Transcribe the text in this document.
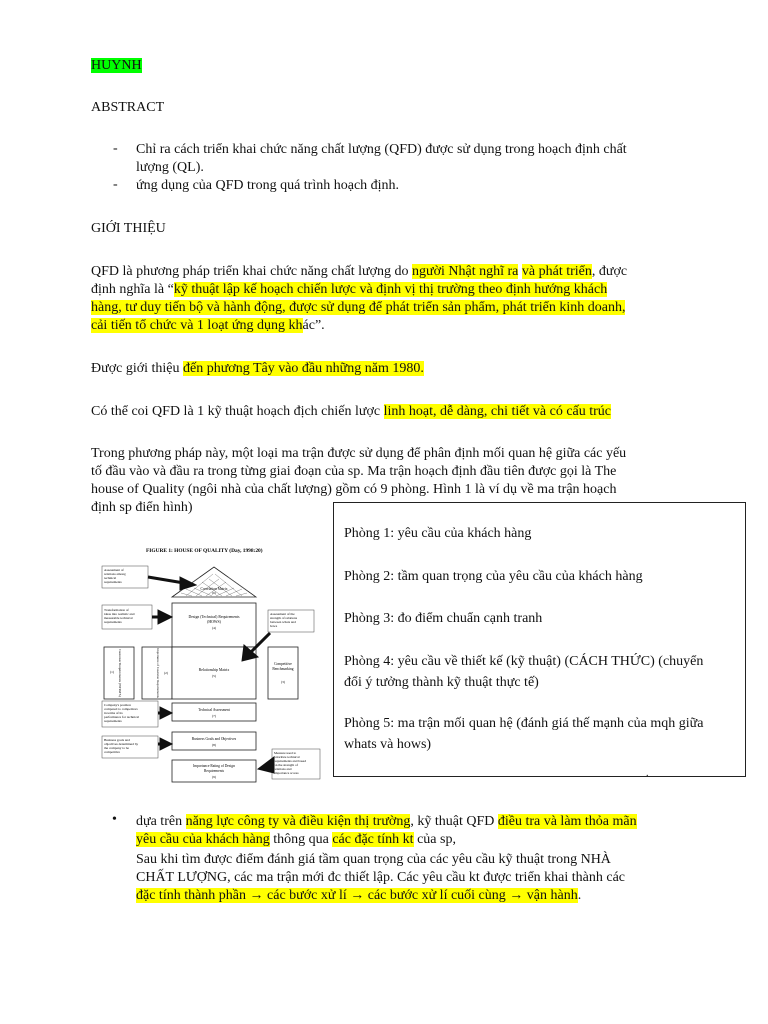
HUYNH
ABSTRACT
- Chỉ ra cách triển khai chức năng chất lượng (QFD) được sử dụng trong hoạch định chất
lượng (QL).
- ứng dụng của QFD trong quá trình hoạch định.
GIỚI THIỆU
QFD là phương pháp triển khai chức năng chất lượng do người Nhật nghĩ ra và phát triển, được
định nghĩa là “kỹ thuật lập kế hoạch chiến lược và định vị thị trường theo định hướng khách
hàng, tư duy tiến bộ và hành động, được sử dụng để phát triển sản phẩm, phát triển kinh doanh,
cải tiến tổ chức và 1 loạt ứng dụng khác”.
Được giới thiệu đến phương Tây vào đầu những năm 1980.
Có thể coi QFD là 1 kỹ thuật hoạch địch chiến lược linh hoạt, dễ dàng, chi tiết và có cấu trúc
Trong phương pháp này, một loại ma trận được sử dụng để phân định mối quan hệ giữa các yếu
tố đầu vào và đầu ra trong từng giai đoạn của sp. Ma trận hoạch định đầu tiên được gọi là The
house of Quality (ngôi nhà của chất lượng) gồm có 9 phòng. Hình 1 là ví dụ về ma trận hoạch
định sp điển hình)
Phòng 1: yêu cầu của khách hàng
Phòng 2: tầm quan trọng của yêu cầu của khách hàng
Phòng 3: đo điểm chuẩn cạnh tranh
Phòng 4: yêu cầu về thiết kế (kỹ thuật) (CÁCH THỨC) (chuyển
đổi ý tưởng thành kỹ thuật thực tế)
Phòng 5: ma trận mối quan hệ (đánh giá thế mạnh của mqh giữa
whats và hows)
.
FIGURE 1: HOUSE OF QUALITY (Day, 1998:20)
Correlation Matrix
(6)
Design (Technical) Requirements
(HOWS)
(4)
Customer Requirements (WHATS)
(1)	Importance of Customer Requirements (2)
Relationship Matrix
(5)
Competitive
Benchmarking
(3)
Technical Assessment
(7)
Business Goals and Objectives
(8)
Importance Rating of Design
Requirements
(9)
Assessment of
relations among
technical
requirements
Transformation of
ideas into realistic and
measurable technical
requirements
Assessment of the
strength of relations
between whats and
hows
Company's position
compared to competitors
in terms of its
performance for technical
requirements
Business goals and
objectives determined by
the company to be
competitive	Measure used to
prioritize technical
requirements and based
on the strength of
relations and
importance scores
• dựa trên năng lực công ty và điều kiện thị trường, kỹ thuật QFD điều tra và làm thỏa mãn
yêu cầu của khách hàng thông qua các đặc tính kt của sp,
Sau khi tìm được điểm đánh giá tầm quan trọng của các yêu cầu kỹ thuật trong NHÀ
CHẤT LƯỢNG, các ma trận mới đc thiết lập. Các yêu cầu kt được triển khai thành các
đặc tính thành phần → các bước xử lí → các bước xử lí cuối cùng → vận hành.
